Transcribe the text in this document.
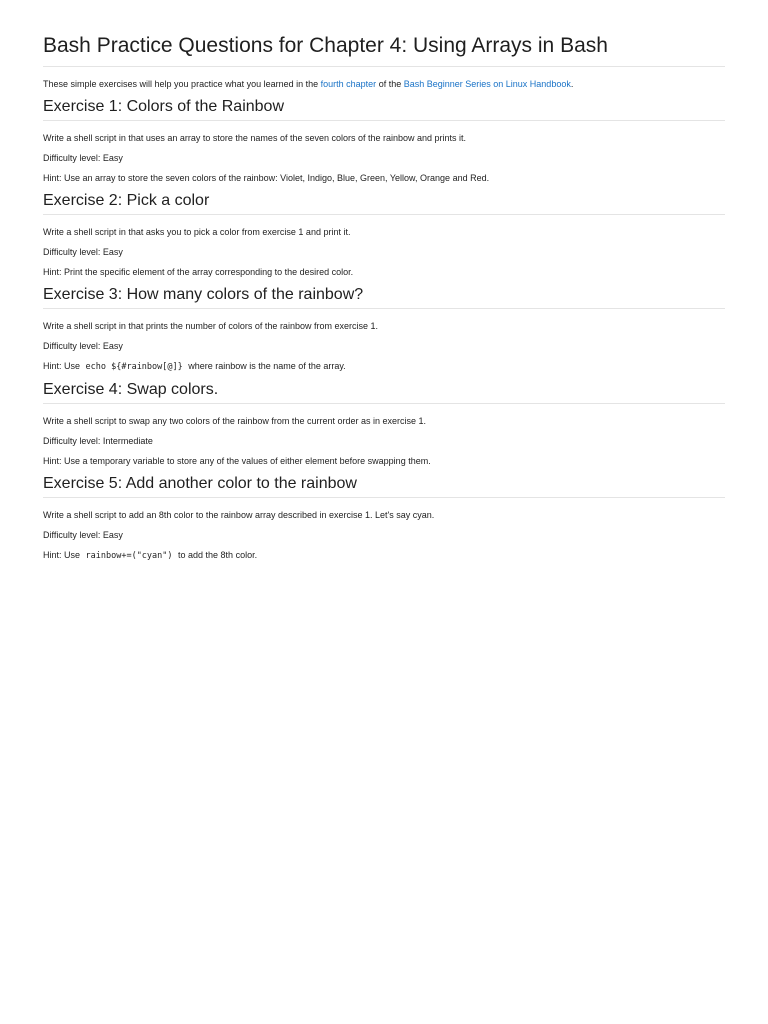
Bash Practice Questions for Chapter 4: Using Arrays in Bash

These simple exercises will help you practice what you learned in the fourth chapter of the Bash Beginner Series on Linux Handbook.

Exercise 1: Colors of the Rainbow

Write a shell script in that uses an array to store the names of the seven colors of the rainbow and prints it.

Difficulty level: Easy

Hint: Use an array to store the seven colors of the rainbow: Violet, Indigo, Blue, Green, Yellow, Orange and Red.

Exercise 2: Pick a color

Write a shell script in that asks you to pick a color from exercise 1 and print it.

Difficulty level: Easy

Hint: Print the specific element of the array corresponding to the desired color.

Exercise 3: How many colors of the rainbow?

Write a shell script in that prints the number of colors of the rainbow from exercise 1.

Difficulty level: Easy

Hint: Use echo ${#rainbow[@]} where rainbow is the name of the array.

Exercise 4: Swap colors.

Write a shell script to swap any two colors of the rainbow from the current order as in exercise 1.

Difficulty level: Intermediate

Hint: Use a temporary variable to store any of the values of either element before swapping them.

Exercise 5: Add another color to the rainbow

Write a shell script to add an 8th color to the rainbow array described in exercise 1. Let's say cyan.

Difficulty level: Easy

Hint: Use rainbow+=("cyan") to add the 8th color.
